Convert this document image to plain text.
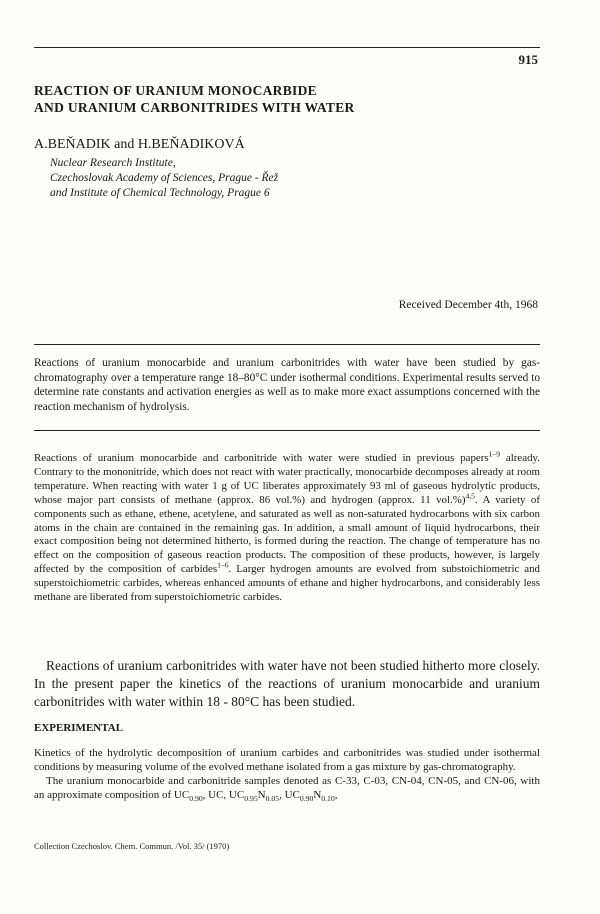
915
REACTION OF URANIUM MONOCARBIDE
AND URANIUM CARBONITRIDES WITH WATER
A.BEŇADIK and H.BEŇADIKOVÁ
Nuclear Research Institute,
Czechoslovak Academy of Sciences, Prague - Řež
and Institute of Chemical Technology, Prague 6
Received December 4th, 1968

Reactions of uranium monocarbide and uranium carbonitrides with water have been studied by gas-chromatography over a temperature range 18–80°C under isothermal conditions. Experimental results served to determine rate constants and activation energies as well as to make more exact assumptions concerned with the reaction mechanism of hydrolysis.

Reactions of uranium monocarbide and carbonitride with water were studied in previous papers$^{1-9}$ already. Contrary to the mononitride, which does not react with water practically, monocarbide decomposes already at room temperature. When reacting with water 1 g of UC liberates approximately 93 ml of gaseous hydrolytic products, whose major part consists of methane (approx. 86 vol.%) and hydrogen (approx. 11 vol.%)$^{4,5}$. A variety of components such as ethane, ethene, acetylene, and saturated as well as non-saturated hydrocarbons with six carbon atoms in the chain are contained in the remaining gas. In addition, a small amount of liquid hydrocarbons, their exact composition being not determined hitherto, is formed during the reaction. The change of temperature has no effect on the composition of gaseous reaction products. The composition of these products, however, is largely affected by the composition of carbides$^{1-6}$. Larger hydrogen amounts are evolved from substoichiometric and superstoichiometric carbides, whereas enhanced amounts of ethane and higher hydrocarbons, and considerably less methane are liberated from superstoichiometric carbides.

Reactions of uranium carbonitrides with water have not been studied hitherto more closely. In the present paper the kinetics of the reactions of uranium monocarbide and uranium carbonitrides with water within 18 - 80°C has been studied.

EXPERIMENTAL

Kinetics of the hydrolytic decomposition of uranium carbides and carbonitrides was studied under isothermal conditions by measuring volume of the evolved methane isolated from a gas mixture by gas-chromatography.

The uranium monocarbide and carbonitride samples denoted as C-33, C-03, CN-04, CN-05, and CN-06, with an approximate composition of $UC_{0.90}$, UC, $UC_{0.95}N_{0.05}$, $UC_{0.90}N_{0.10}$,

Collection Czechoslov. Chem. Commun. /Vol. 35/ (1970)
